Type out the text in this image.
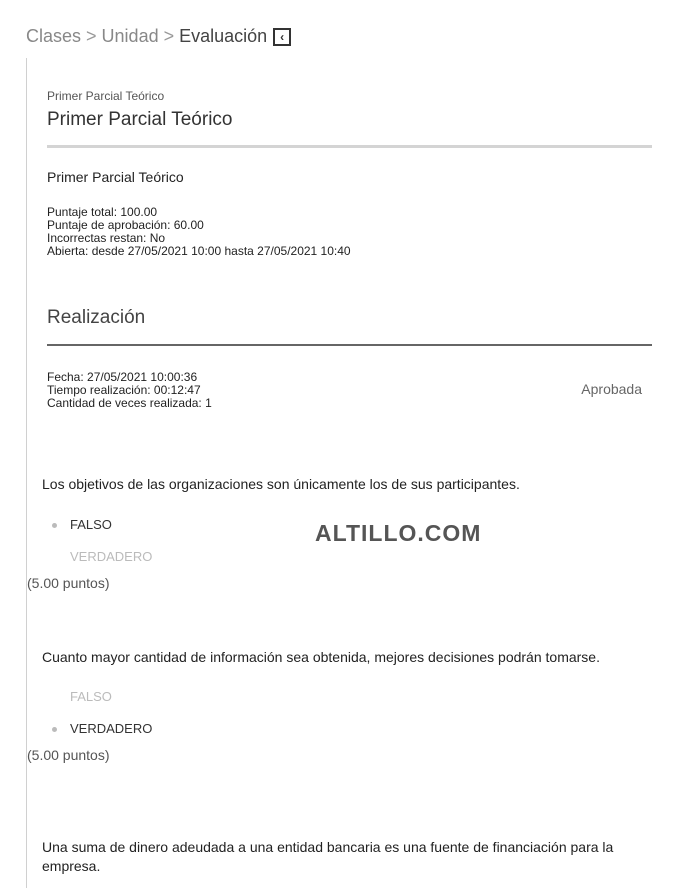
Clases > Unidad > Evaluación	‹
Primer Parcial Teórico
Primer Parcial Teórico
Primer Parcial Teórico
Puntaje total: 100.00
Puntaje de aprobación: 60.00
Incorrectas restan: No
Abierta: desde 27/05/2021 10:00 hasta 27/05/2021 10:40
Realización
Fecha: 27/05/2021 10:00:36
Tiempo realización: 00:12:47
Cantidad de veces realizada: 1
Aprobada
Los objetivos de las organizaciones son únicamente los de sus participantes.
FALSO
VERDADERO
(5.00 puntos)
Cuanto mayor cantidad de información sea obtenida, mejores decisiones podrán tomarse.
FALSO
VERDADERO
(5.00 puntos)
Una suma de dinero adeudada a una entidad bancaria es una fuente de financiación para la empresa.
ALTILLO.COM
